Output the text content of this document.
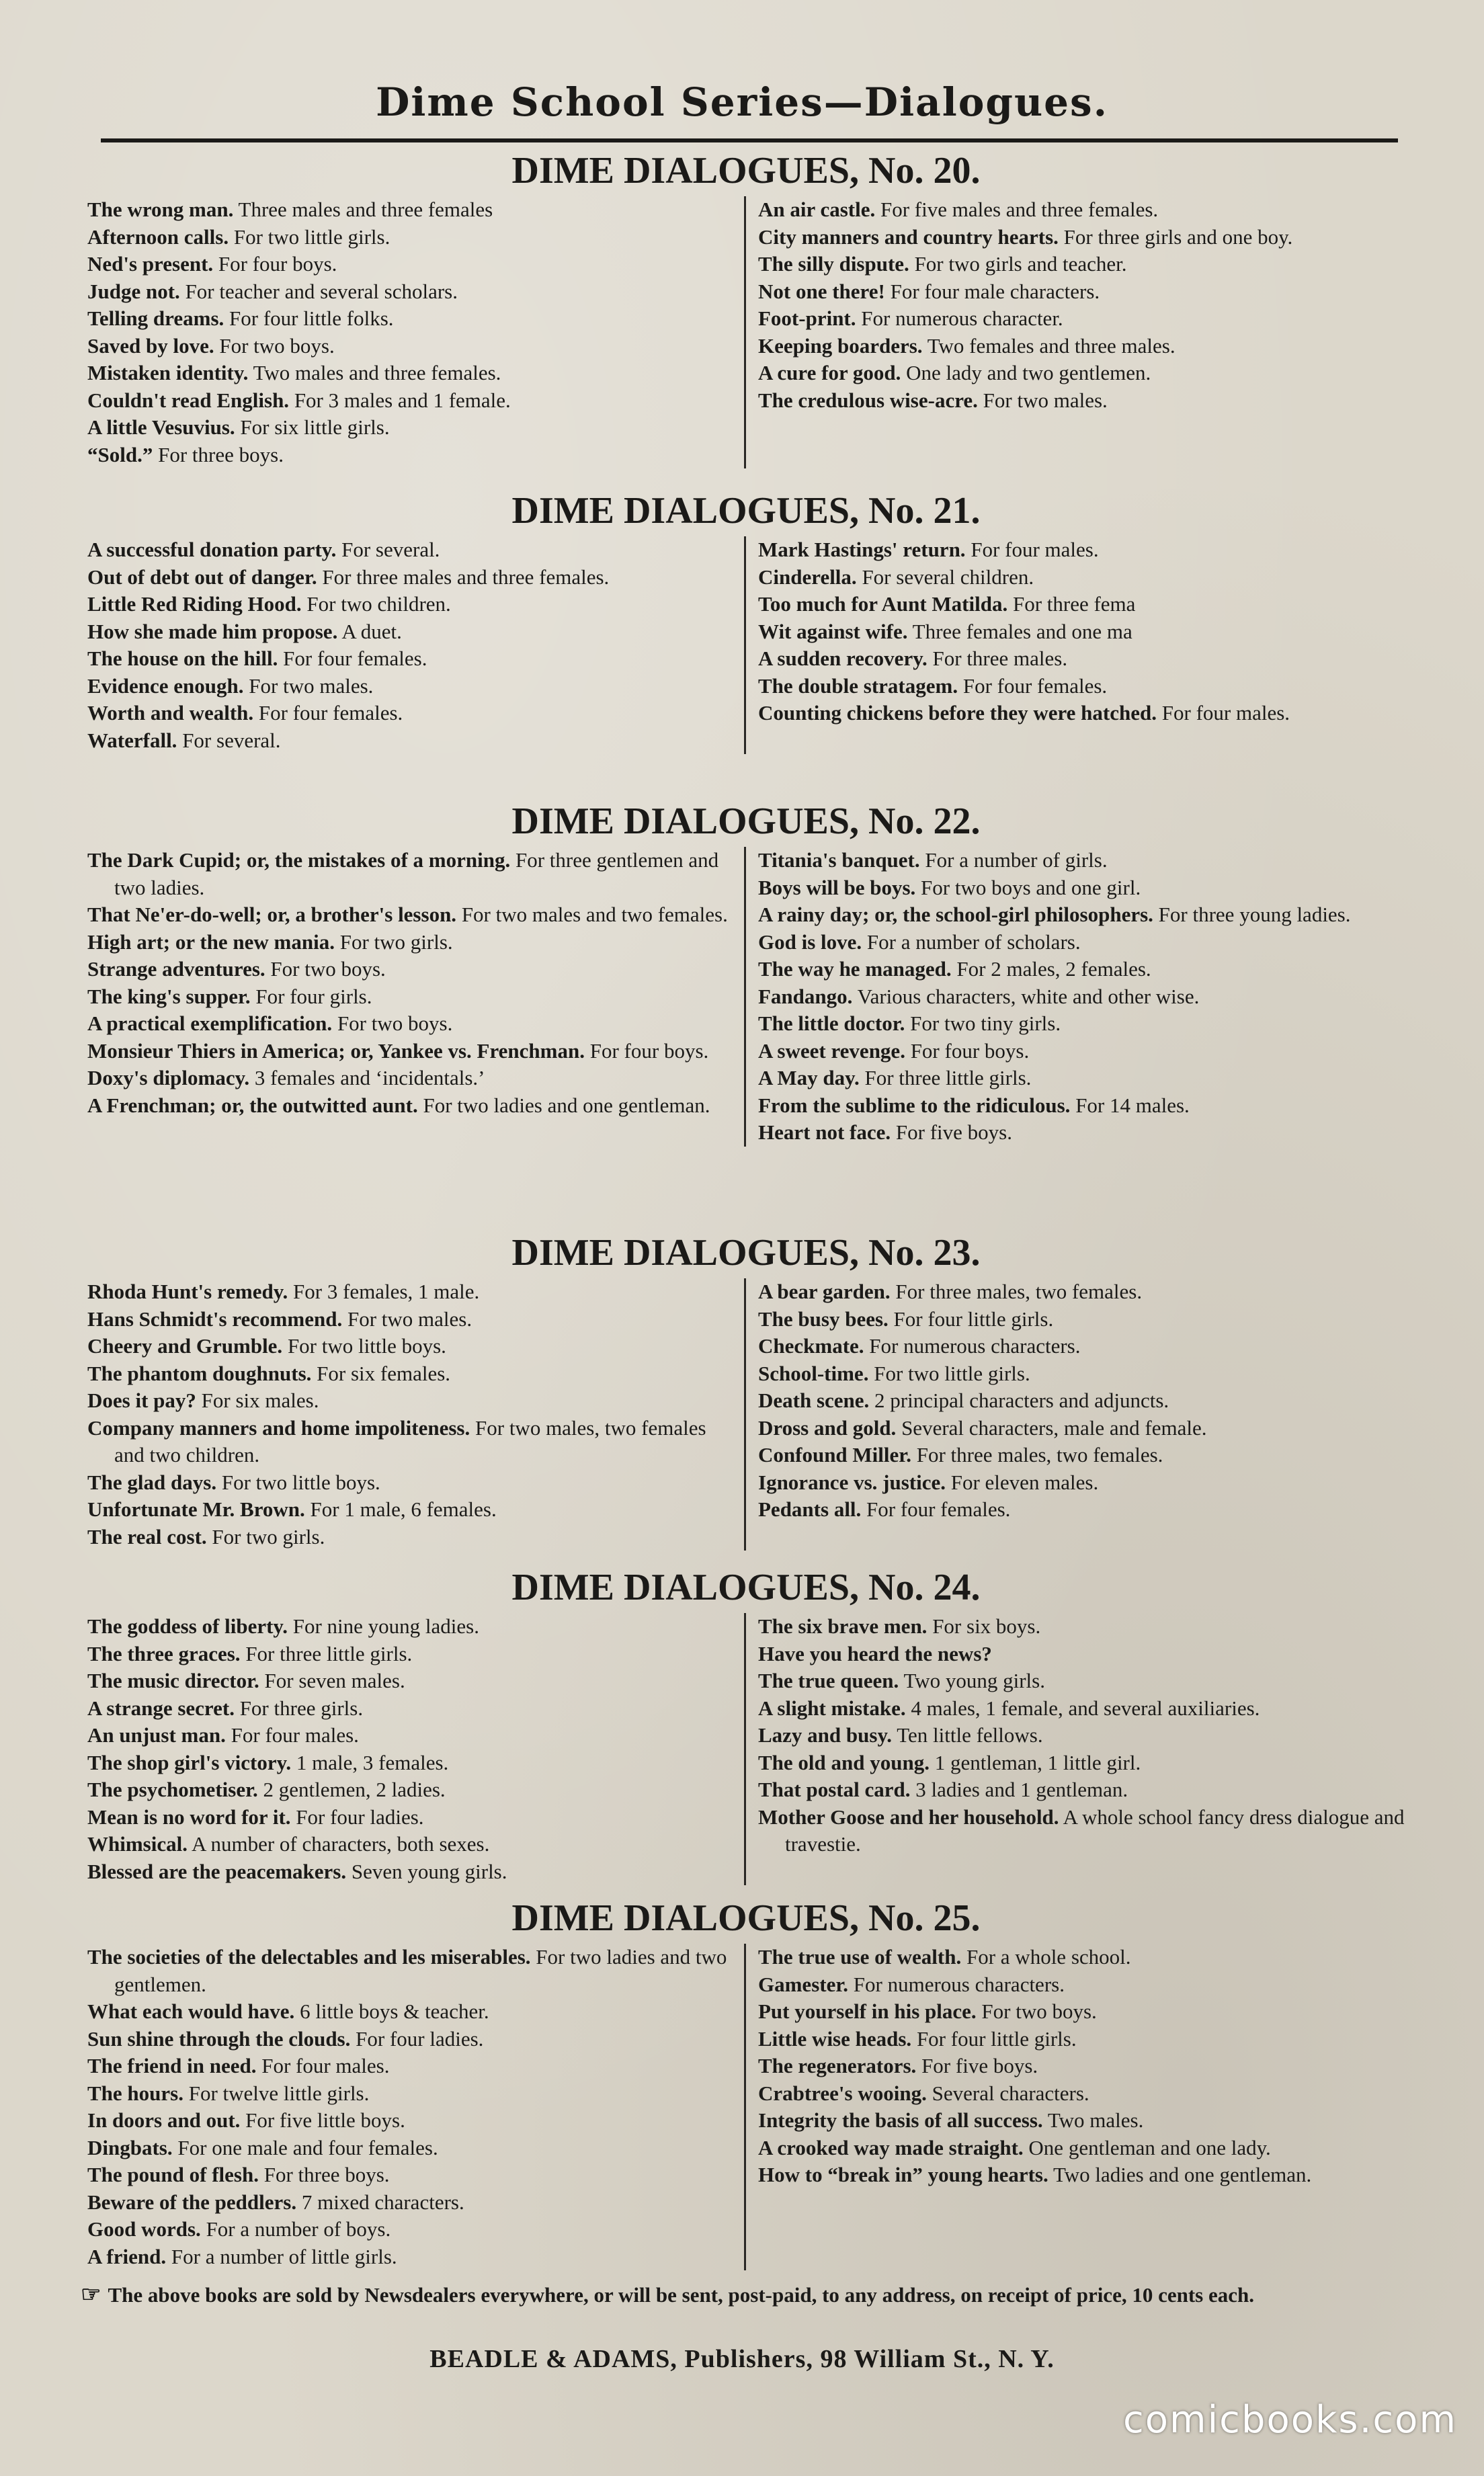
Dime School Series—Dialogues.
DIME DIALOGUES, No. 20.
The wrong man. Three males and three females
Afternoon calls. For two little girls.
Ned's present. For four boys.
Judge not. For teacher and several scholars.
Telling dreams. For four little folks.
Saved by love. For two boys.
Mistaken identity. Two males and three females.
Couldn't read English. For 3 males and 1 female.
A little Vesuvius. For six little girls.
“Sold.” For three boys.
An air castle. For five males and three females.
City manners and country hearts. For three girls and one boy.
The silly dispute. For two girls and teacher.
Not one there! For four male characters.
Foot-print. For numerous character.
Keeping boarders. Two females and three males.
A cure for good. One lady and two gentlemen.
The credulous wise-acre. For two males.
DIME DIALOGUES, No. 21.
A successful donation party. For several.
Out of debt out of danger. For three males and three females.
Little Red Riding Hood. For two children.
How she made him propose. A duet.
The house on the hill. For four females.
Evidence enough. For two males.
Worth and wealth. For four females.
Waterfall. For several.
Mark Hastings' return. For four males.
Cinderella. For several children.
Too much for Aunt Matilda. For three fema
Wit against wife. Three females and one ma
A sudden recovery. For three males.
The double stratagem. For four females.
Counting chickens before they were hatched. For four males.
DIME DIALOGUES, No. 22.
The Dark Cupid; or, the mistakes of a morning. For three gentlemen and two ladies.
That Ne'er-do-well; or, a brother's lesson. For two males and two females.
High art; or the new mania. For two girls.
Strange adventures. For two boys.
The king's supper. For four girls.
A practical exemplification. For two boys.
Monsieur Thiers in America; or, Yankee vs. Frenchman. For four boys.
Doxy's diplomacy. 3 females and ‘incidentals.’
A Frenchman; or, the outwitted aunt. For two ladies and one gentleman.
Titania's banquet. For a number of girls.
Boys will be boys. For two boys and one girl.
A rainy day; or, the school-girl philosophers. For three young ladies.
God is love. For a number of scholars.
The way he managed. For 2 males, 2 females.
Fandango. Various characters, white and other wise.
The little doctor. For two tiny girls.
A sweet revenge. For four boys.
A May day. For three little girls.
From the sublime to the ridiculous. For 14 males.
Heart not face. For five boys.
DIME DIALOGUES, No. 23.
Rhoda Hunt's remedy. For 3 females, 1 male.
Hans Schmidt's recommend. For two males.
Cheery and Grumble. For two little boys.
The phantom doughnuts. For six females.
Does it pay? For six males.
Company manners and home impoliteness. For two males, two females and two children.
The glad days. For two little boys.
Unfortunate Mr. Brown. For 1 male, 6 females.
The real cost. For two girls.
A bear garden. For three males, two females.
The busy bees. For four little girls.
Checkmate. For numerous characters.
School-time. For two little girls.
Death scene. 2 principal characters and adjuncts.
Dross and gold. Several characters, male and female.
Confound Miller. For three males, two females.
Ignorance vs. justice. For eleven males.
Pedants all. For four females.
DIME DIALOGUES, No. 24.
The goddess of liberty. For nine young ladies.
The three graces. For three little girls.
The music director. For seven males.
A strange secret. For three girls.
An unjust man. For four males.
The shop girl's victory. 1 male, 3 females.
The psychometiser. 2 gentlemen, 2 ladies.
Mean is no word for it. For four ladies.
Whimsical. A number of characters, both sexes.
Blessed are the peacemakers. Seven young girls.
The six brave men. For six boys.
Have you heard the news?
The true queen. Two young girls.
A slight mistake. 4 males, 1 female, and several auxiliaries.
Lazy and busy. Ten little fellows.
The old and young. 1 gentleman, 1 little girl.
That postal card. 3 ladies and 1 gentleman.
Mother Goose and her household. A whole school fancy dress dialogue and travestie.
DIME DIALOGUES, No. 25.
The societies of the delectables and les miserables. For two ladies and two gentlemen.
What each would have. 6 little boys & teacher.
Sun shine through the clouds. For four ladies.
The friend in need. For four males.
The hours. For twelve little girls.
In doors and out. For five little boys.
Dingbats. For one male and four females.
The pound of flesh. For three boys.
Beware of the peddlers. 7 mixed characters.
Good words. For a number of boys.
A friend. For a number of little girls.
The true use of wealth. For a whole school.
Gamester. For numerous characters.
Put yourself in his place. For two boys.
Little wise heads. For four little girls.
The regenerators. For five boys.
Crabtree's wooing. Several characters.
Integrity the basis of all success. Two males.
A crooked way made straight. One gentleman and one lady.
How to “break in” young hearts. Two ladies and one gentleman.
☞ The above books are sold by Newsdealers everywhere, or will be sent, post-paid, to any address, on receipt of price, 10 cents each.
BEADLE & ADAMS, Publishers, 98 William St., N. Y.
comicbooks.com
